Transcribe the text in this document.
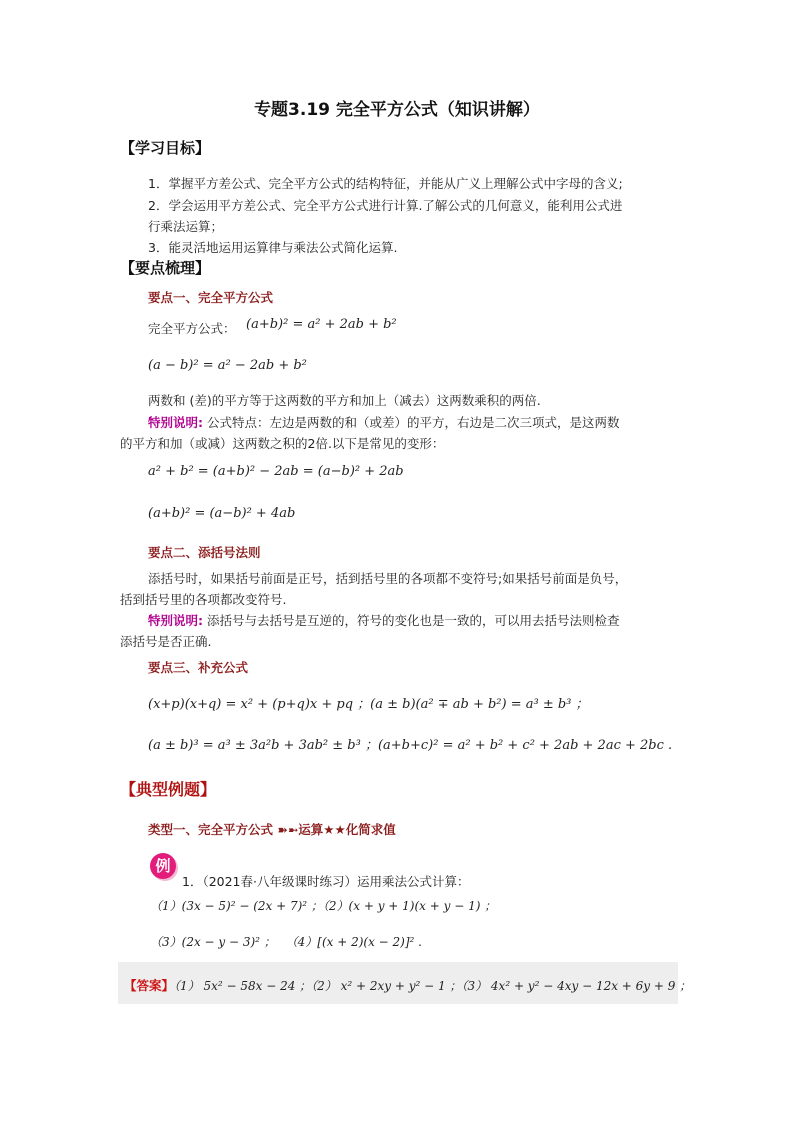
专题3.19 完全平方公式（知识讲解）
【学习目标】
1．掌握平方差公式、完全平方公式的结构特征，并能从广义上理解公式中字母的含义;
2．学会运用平方差公式、完全平方公式进行计算.了解公式的几何意义，能利用公式进
行乘法运算；
3．能灵活地运用运算律与乘法公式简化运算.
【要点梳理】
要点一、完全平方公式
完全平方公式： (a+b)² = a² + 2ab + b²
(a − b)² = a² − 2ab + b²
两数和 (差)的平方等于这两数的平方和加上（减去）这两数乘积的两倍.
特别说明: 公式特点：左边是两数的和（或差）的平方，右边是二次三项式，是这两数
的平方和加（或减）这两数之积的2倍.以下是常见的变形：
a² + b² = (a+b)² − 2ab = (a−b)² + 2ab
(a+b)² = (a−b)² + 4ab
要点二、添括号法则
添括号时，如果括号前面是正号，括到括号里的各项都不变符号;如果括号前面是负号，
括到括号里的各项都改变符号.
特别说明: 添括号与去括号是互逆的，符号的变化也是一致的，可以用去括号法则检查
添括号是否正确.
要点三、补充公式
(x+p)(x+q) = x² + (p+q)x + pq ；(a ± b)(a² ∓ ab + b²) = a³ ± b³ ；
(a ± b)³ = a³ ± 3a²b + 3ab² ± b³ ；(a+b+c)² = a² + b² + c² + 2ab + 2ac + 2bc .
【典型例题】
类型一、完全平方公式 ➽➼运算★★化简求值
例
1．（2021春·八年级课时练习）运用乘法公式计算：
（1）(3x − 5)² − (2x + 7)² ；（2）(x + y + 1)(x + y − 1) ；
（3）(2x − y − 3)² ；　 （4）[(x + 2)(x − 2)]² .
【答案】（1） 5x² − 58x − 24 ；（2） x² + 2xy + y² − 1 ；（3） 4x² + y² − 4xy − 12x + 6y + 9 ；
